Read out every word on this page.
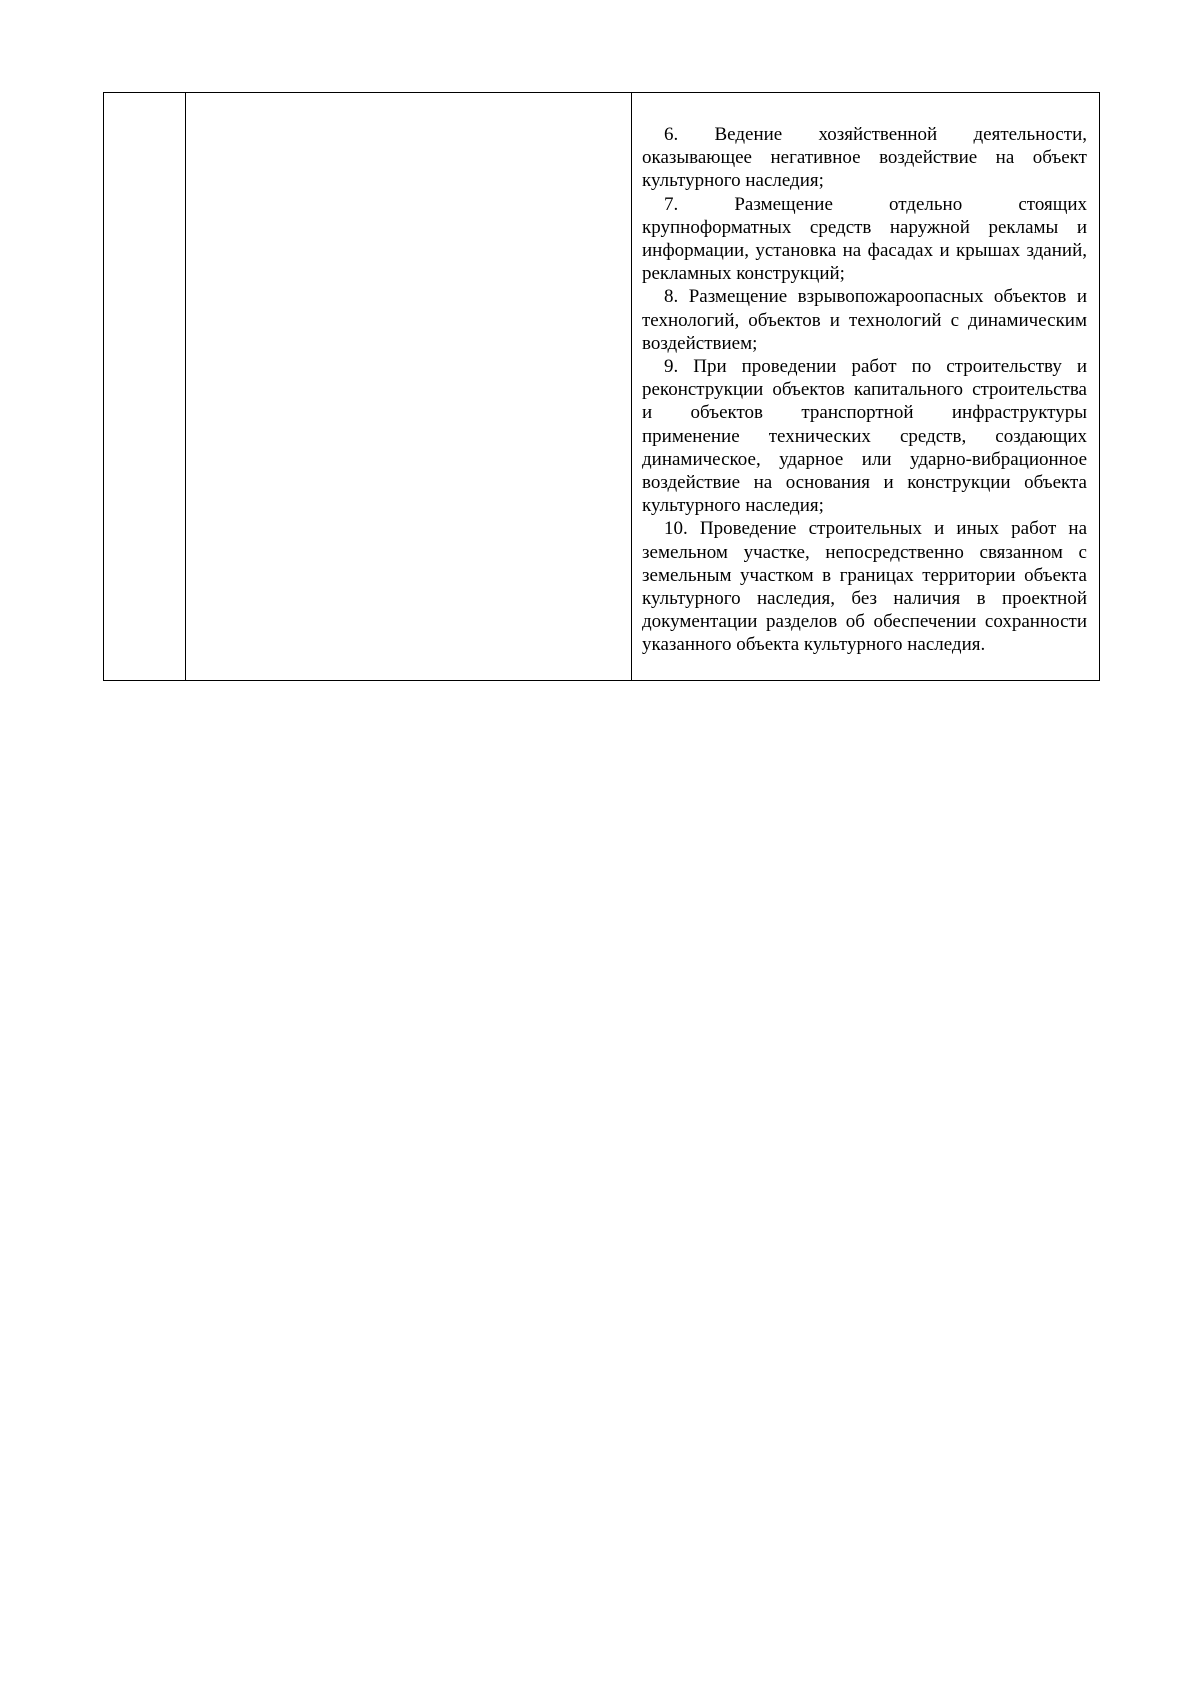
6. Ведение хозяйственной деятельности, оказывающее негативное воздействие на объект культурного наследия;

7. Размещение отдельно стоящих крупноформатных средств наружной рекламы и информации, установка на фасадах и крышах зданий, рекламных конструкций;

8. Размещение взрывопожароопасных объектов и технологий, объектов и технологий с динамическим воздействием;

9. При проведении работ по строительству и реконструкции объектов капитального строительства и объектов транспортной инфраструктуры применение технических средств, создающих динамическое, ударное или ударно-вибрационное воздействие на основания и конструкции объекта культурного наследия;

10. Проведение строительных и иных работ на земельном участке, непосредственно связанном с земельным участком в границах территории объекта культурного наследия, без наличия в проектной документации разделов об обеспечении сохранности указанного объекта культурного наследия.
